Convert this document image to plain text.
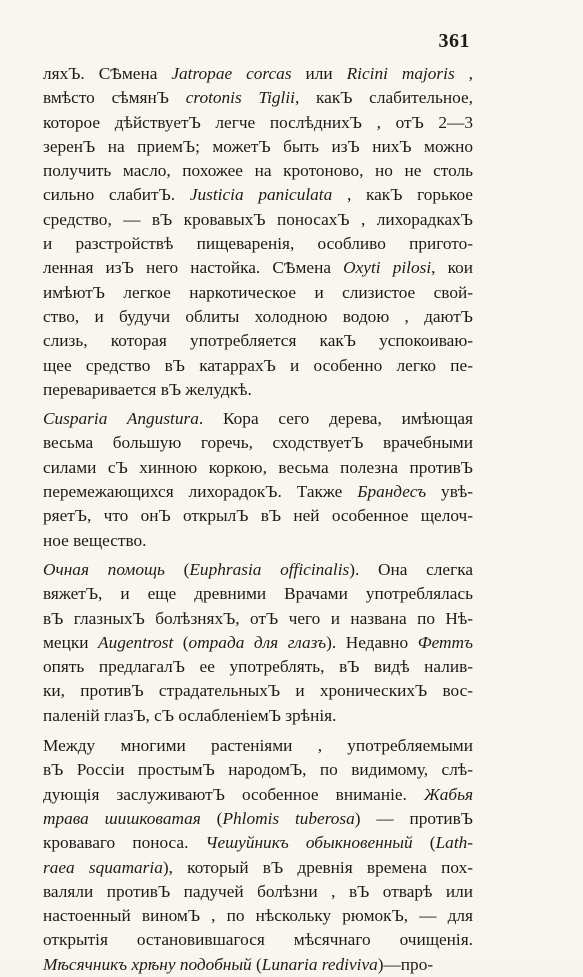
361
ляхЪ. СѢмена Jatropae corcas или Ricini majoris ,
вмѣсто сѣмянЪ crotonis Tiglii, какЪ слабительное,
которое дѣйствуетЪ легче послѣднихЪ , отЪ 2—3
зеренЪ на приемЪ; можетЪ быть изЪ нихЪ можно
получить масло, похожее на кротоново, но не столь
сильно слабитЪ. Justicia paniculata , какЪ горькое
средство, — вЪ кровавыхЪ поносахЪ , лихорадкахЪ
и разстройствѣ пищеваренія, особливо пригото-
ленная изЪ него настойка. СѢмена Oxyti pilosi, кои
имѣютЪ легкое наркотическое и слизистое свой-
ство, и будучи облиты холодною водою , даютЪ
слизь, которая употребляется какЪ успокоиваю-
щее средство вЪ катаррахЪ и особенно легко пе-
переваривается вЪ желудкѣ.
Cusparia Angustura. Кора сего дерева, имѣющая
весьма большую горечь, сходствуетЪ врачебными
силами сЪ хинною коркою, весьма полезна противЪ
перемежающихся лихорадокЪ. Также Брандесъ увѣ-
ряетЪ, что онЪ открылЪ вЪ ней особенное щелоч-
ное вещество.
Очная помощь (Euphrasia officinalis). Она слегка
вяжетЪ, и еще древними Врачами употреблялась
вЪ глазныхЪ болѣзняхЪ, отЪ чего и названа по Нѣ-
мецки Augentrost (отрада для глазъ). Недавно Феттъ
опять предлагалЪ ее употреблять, вЪ видѣ налив-
ки, противЪ страдательныхЪ и хроническихЪ вос-
паленій глазЪ, сЪ ослабленіемЪ зрѣнія.
Между многими растеніями , употребляемыми
вЪ Россіи простымЪ народомЪ, по видимому, слѣ-
дующія заслуживаютЪ особенное вниманіе. Жабья
трава шишковатая (Phlomis tuberosa) — противЪ
кроваваго поноса. Чешуйникъ обыкновенный (Lath-
raea squamaria), который вЪ древнія времена пох-
валяли противЪ падучей болѣзни , вЪ отварѣ или
настоенный виномЪ , по нѣскольку рюмокЪ, — для
открытія остановившагося мѣсячнаго очищенія.
Мѣсячникъ хрѣну подобный (Lunaria rediviva)—про-
